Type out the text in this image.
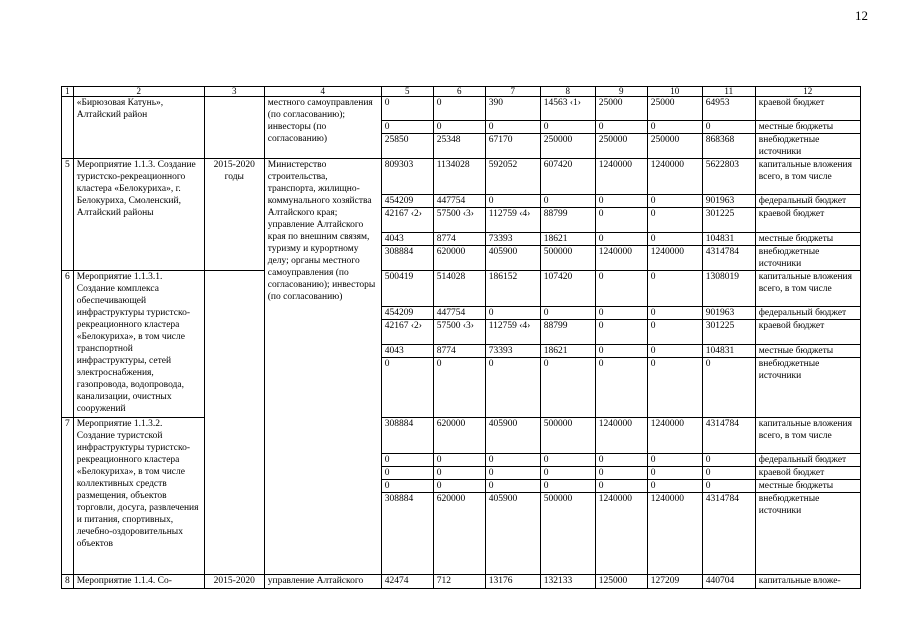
12
1	2	3	4	5	6	7	8	9	10	11	12
	«Бирюзовая Катунь», Алтайский район		местного самоуправления (по согласованию); инвесторы (по согласованию)	0	0	390	14563 ‹1›	25000	25000	64953	краевой бюджет
				0	0	0	0	0	0	0	местные бюджеты
				25850	25348	67170	250000	250000	250000	868368	внебюджетные источники
5	Мероприятие 1.1.3. Создание туристско-рекреационного кластера «Белокуриха», г. Белокуриха, Смоленский, Алтайский районы	2015-2020 годы	Министерство строительства, транспорта, жилищно-коммунального хозяйства Алтайского края; управление Алтайского края по внешним связям, туризму и курортному делу; органы местного самоуправления (по согласованию); инвесторы (по согласованию)	809303	1134028	592052	607420	1240000	1240000	5622803	капитальные вложения всего, в том числе
				454209	447754	0	0	0	0	901963	федеральный бюджет
				42167 ‹2›	57500 ‹3›	112759 ‹4›	88799	0	0	301225	краевой бюджет
				4043	8774	73393	18621	0	0	104831	местные бюджеты
				308884	620000	405900	500000	1240000	1240000	4314784	внебюджетные источники
6	Мероприятие 1.1.3.1. Создание комплекса обеспечивающей инфраструктуры туристско-рекреационного кластера «Белокуриха», в том числе транспортной инфраструктуры, сетей электроснабжения, газопровода, водопровода, канализации, очистных сооружений			500419	514028	186152	107420	0	0	1308019	капитальные вложения всего, в том числе
				454209	447754	0	0	0	0	901963	федеральный бюджет
				42167 ‹2›	57500 ‹3›	112759 ‹4›	88799	0	0	301225	краевой бюджет
				4043	8774	73393	18621	0	0	104831	местные бюджеты
				0	0	0	0	0	0	0	внебюджетные источники
7	Мероприятие 1.1.3.2. Создание туристской инфраструктуры туристско-рекреационного кластера «Белокуриха», в том числе коллективных средств размещения, объектов торговли, досуга, развлечения и питания, спортивных, лечебно-оздоровительных объектов			308884	620000	405900	500000	1240000	1240000	4314784	капитальные вложения всего, в том числе
				0	0	0	0	0	0	0	федеральный бюджет
				0	0	0	0	0	0	0	краевой бюджет
				0	0	0	0	0	0	0	местные бюджеты
				308884	620000	405900	500000	1240000	1240000	4314784	внебюджетные источники
8	Мероприятие 1.1.4. Со-	2015-2020	управление Алтайского	42474	712	13176	132133	125000	127209	440704	капитальные вложе-
